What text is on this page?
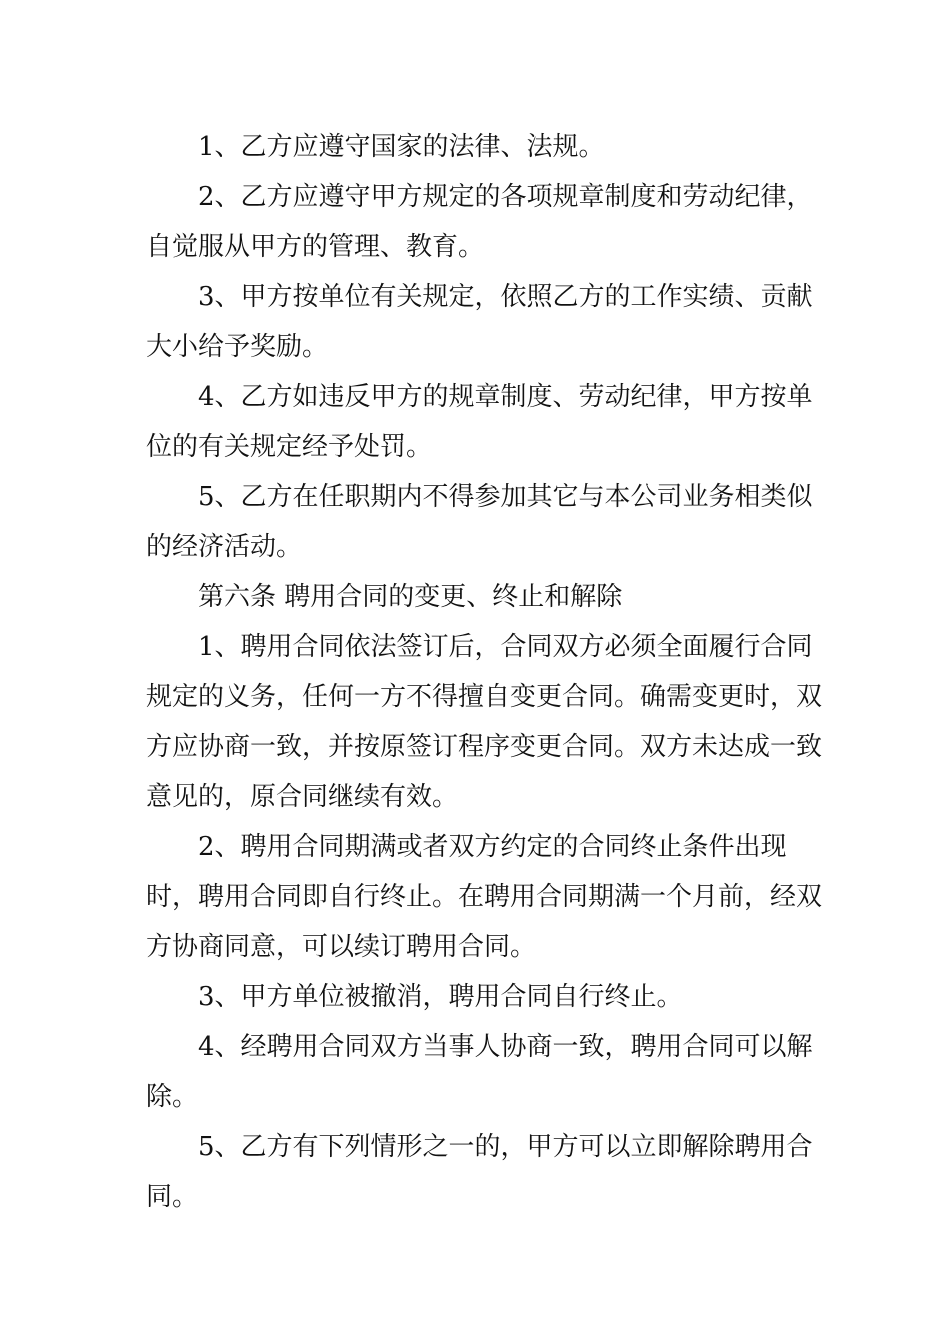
1、乙方应遵守国家的法律、法规。

2、乙方应遵守甲方规定的各项规章制度和劳动纪律，自觉服从甲方的管理、教育。

3、甲方按单位有关规定，依照乙方的工作实绩、贡献大小给予奖励。

4、乙方如违反甲方的规章制度、劳动纪律，甲方按单位的有关规定经予处罚。

5、乙方在任职期内不得参加其它与本公司业务相类似的经济活动。

第六条 聘用合同的变更、终止和解除

1、聘用合同依法签订后，合同双方必须全面履行合同规定的义务，任何一方不得擅自变更合同。确需变更时，双方应协商一致，并按原签订程序变更合同。双方未达成一致意见的，原合同继续有效。

2、聘用合同期满或者双方约定的合同终止条件出现时，聘用合同即自行终止。在聘用合同期满一个月前，经双方协商同意，可以续订聘用合同。

3、甲方单位被撤消，聘用合同自行终止。

4、经聘用合同双方当事人协商一致，聘用合同可以解除。

5、乙方有下列情形之一的，甲方可以立即解除聘用合同。
